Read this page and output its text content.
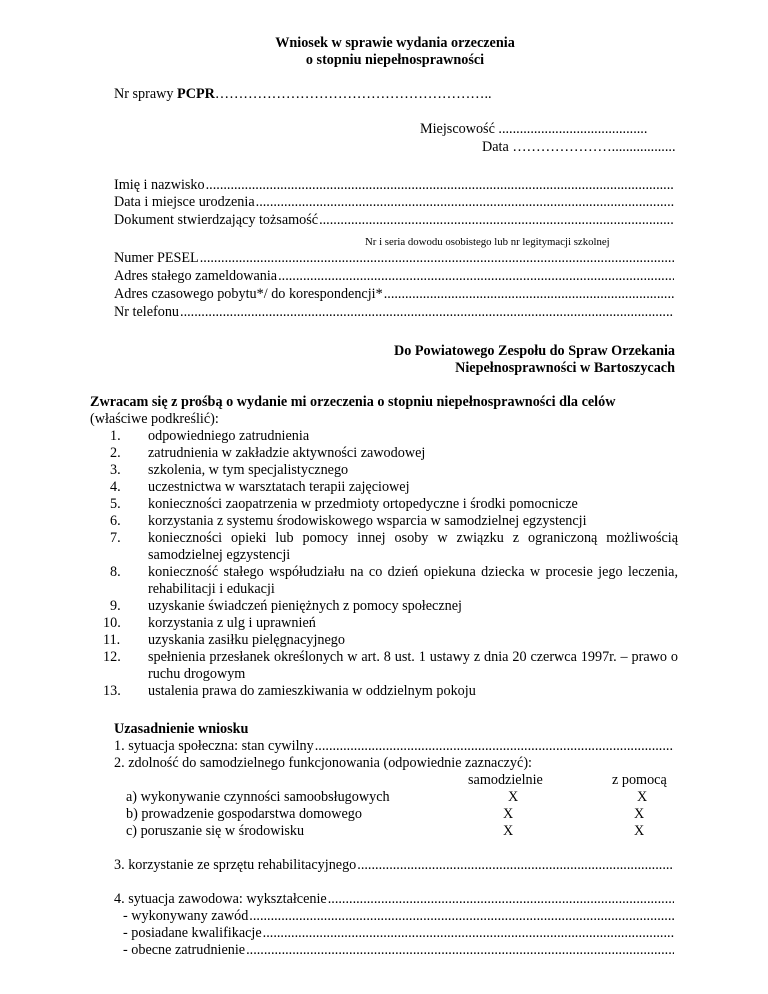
Wniosek w sprawie wydania orzeczenia
o stopniu niepełnosprawności
Nr sprawy PCPR…………………………………………………..
Miejscowość ..........................................
Data …………………..................
Imię i nazwisko
.....
Data i miejsce urodzenia
.....
Dokument stwierdzający tożsamość
.....
Nr i seria dowodu osobistego lub nr legitymacji szkolnej
Numer PESEL
.....
Adres stałego zameldowania
.....
Adres czasowego pobytu*/ do korespondencji*
.....
Nr telefonu
.....
Do Powiatowego Zespołu do Spraw Orzekania
Niepełnosprawności w Bartoszycach
Zwracam się z prośbą o wydanie mi orzeczenia o stopniu niepełnosprawności dla celów
(właściwe podkreślić):
1. odpowiedniego zatrudnienia
2. zatrudnienia w zakładzie aktywności zawodowej
3. szkolenia, w tym specjalistycznego
4. uczestnictwa w warsztatach terapii zajęciowej
5. konieczności zaopatrzenia w przedmioty ortopedyczne i środki pomocnicze
6. korzystania z systemu środowiskowego wsparcia w samodzielnej egzystencji
7. konieczności opieki lub pomocy innej osoby w związku z ograniczoną możliwością samodzielnej egzystencji
8. konieczność stałego współudziału na co dzień opiekuna dziecka w procesie jego leczenia, rehabilitacji i edukacji
9. uzyskanie świadczeń pieniężnych z pomocy społecznej
10. korzystania z ulg i uprawnień
11. uzyskania zasiłku pielęgnacyjnego
12. spełnienia przesłanek określonych w art. 8 ust. 1 ustawy z dnia 20 czerwca 1997r. – prawo o ruchu drogowym
13. ustalenia prawa do zamieszkiwania w oddzielnym pokoju
Uzasadnienie wniosku
1. sytuacja społeczna: stan cywilny
.....
2. zdolność do samodzielnego funkcjonowania (odpowiednie zaznaczyć):
samodzielnie	z pomocą
a) wykonywanie czynności samoobsługowych	X	X
b) prowadzenie gospodarstwa domowego	X	X
c) poruszanie się w środowisku	X	X
3. korzystanie ze sprzętu rehabilitacyjnego
.....
4. sytuacja zawodowa: wykształcenie
.....
- wykonywany zawód
.....
- posiadane kwalifikacje
.....
- obecne zatrudnienie
.....
